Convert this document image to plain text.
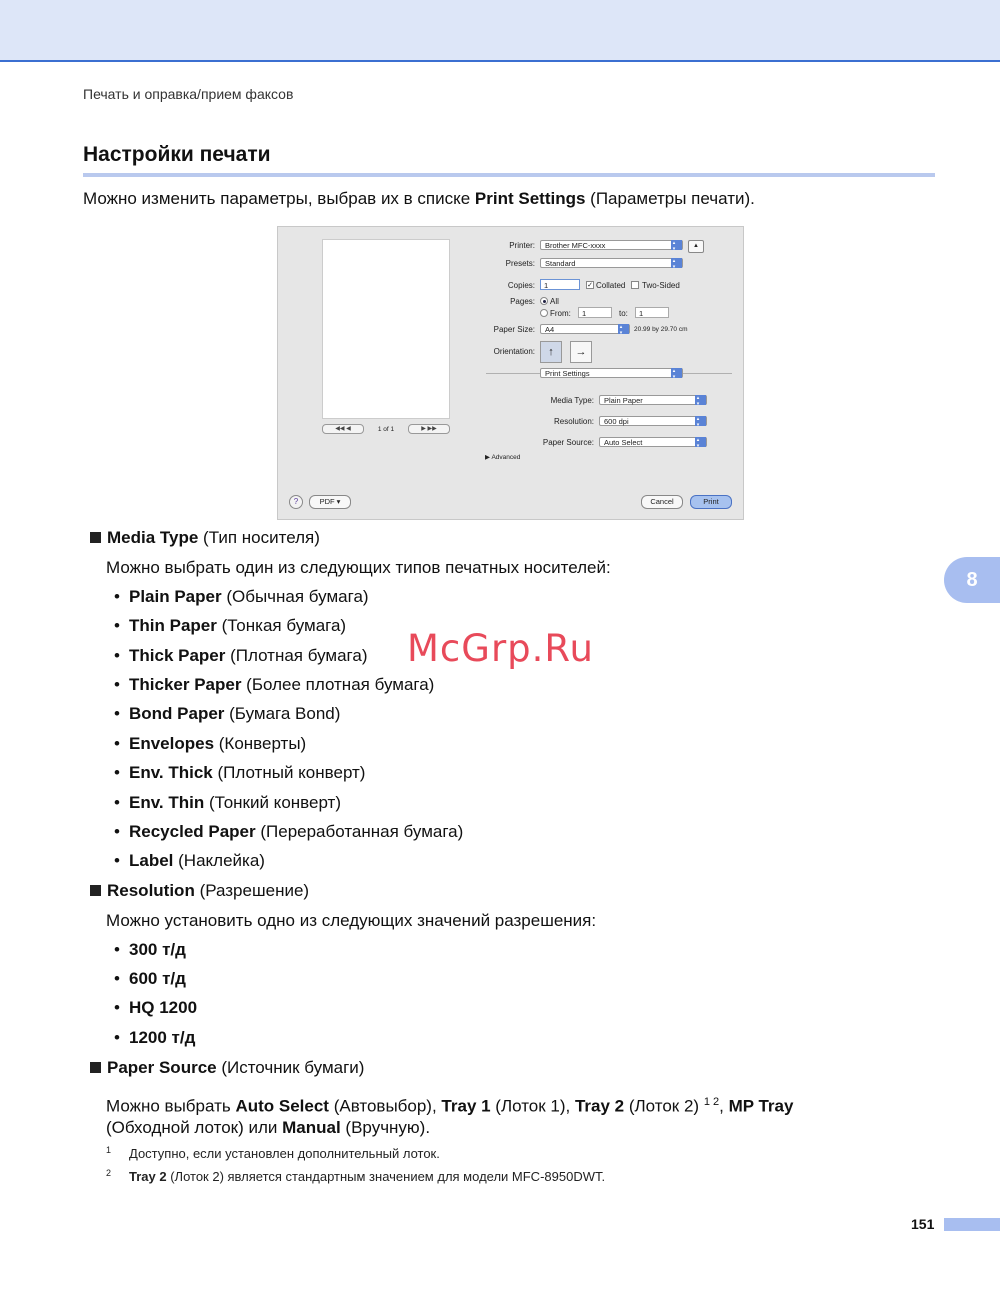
Печать и оправка/прием факсов
Настройки печати
Можно изменить параметры, выбрав их в списке Print Settings (Параметры печати).
8
◀◀ ◀	1 of 1	▶ ▶▶
Printer:	Brother MFC-xxxx ▴▾	▲
Presets:	Standard ▴▾
Copies:	1	✓ Collated Two-Sided
Pages: All
From:	1	to:	1
Paper Size:	A4 ▴▾	20.99 by 29.70 cm
Orientation:	↑	→
Print Settings ▴▾
Media Type:	Plain Paper ▴▾
Resolution:	600 dpi ▴▾
Paper Source:	Auto Select ▴▾
▶ Advanced
?	PDF ▾	Cancel	Print
Media Type (Тип носителя)
Можно выбрать один из следующих типов печатных носителей:
• Plain Paper (Обычная бумага)
• Thin Paper (Тонкая бумага)
• Thick Paper (Плотная бумага)
• Thicker Paper (Более плотная бумага)
• Bond Paper (Бумага Bond)
• Envelopes (Конверты)
• Env. Thick (Плотный конверт)
• Env. Thin (Тонкий конверт)
• Recycled Paper (Переработанная бумага)
• Label (Наклейка)
McGrp.Ru
Resolution (Разрешение)
Можно установить одно из следующих значений разрешения:
• 300 т/д
• 600 т/д
• HQ 1200
• 1200 т/д
Paper Source (Источник бумаги)
Можно выбрать Auto Select (Автовыбор), Tray 1 (Лоток 1), Tray 2 (Лоток 2) $^{1 2}$, MP Tray
(Обходной лоток) или Manual (Вручную).
$^1$ Доступно, если установлен дополнительный лоток.
$^2$ Tray 2 (Лоток 2) является стандартным значением для модели MFC-8950DWT.
151
